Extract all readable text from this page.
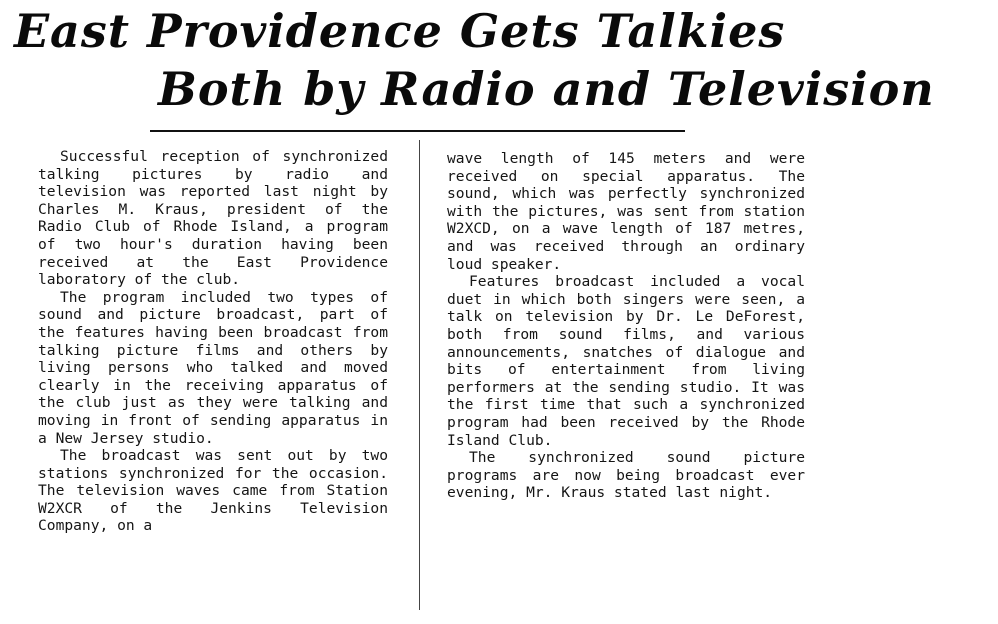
East Providence Gets Talkies
Both by Radio and Television

Successful reception of synchronized talking pictures by radio and television was reported last night by Charles M. Kraus, president of the Radio Club of Rhode Island, a program of two hour's duration having been received at the East Providence laboratory of the club.

The program included two types of sound and picture broadcast, part of the features having been broadcast from talking picture films and others by living persons who talked and moved clearly in the receiving apparatus of the club just as they were talking and moving in front of sending apparatus in a New Jersey studio.

The broadcast was sent out by two stations synchronized for the occasion. The television waves came from Station W2XCR of the Jenkins Television Company, on a

wave length of 145 meters and were received on special apparatus. The sound, which was perfectly synchronized with the pictures, was sent from station W2XCD, on a wave length of 187 metres, and was received through an ordinary loud speaker.

Features broadcast included a vocal duet in which both singers were seen, a talk on television by Dr. Le DeForest, both from sound films, and various announcements, snatches of dialogue and bits of entertainment from living performers at the sending studio. It was the first time that such a synchronized program had been received by the Rhode Island Club.

The synchronized sound picture programs are now being broadcast ever evening, Mr. Kraus stated last night.
